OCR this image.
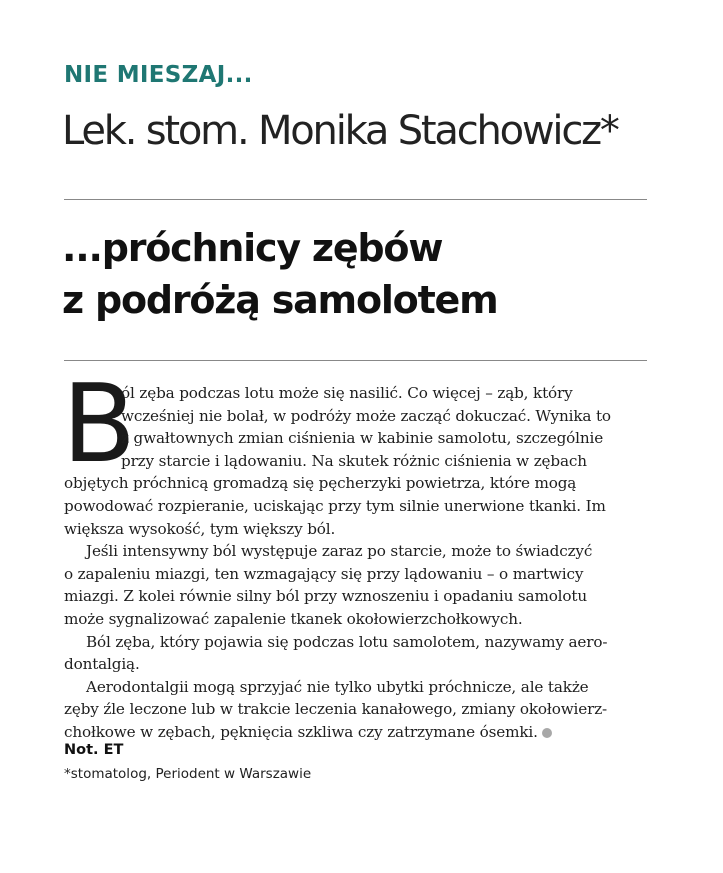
NIE MIESZAJ...
Lek. stom. Monika Stachowicz*
...próchnicy zębów
z podróżą samolotem
B
ól zęba podczas lotu może się nasilić. Co więcej – ząb, który
wcześniej nie bolał, w podróży może zacząć dokuczać. Wynika to
z gwałtownych zmian ciśnienia w kabinie samolotu, szczególnie
przy starcie i lądowaniu. Na skutek różnic ciśnienia w zębach
objętych próchnicą gromadzą się pęcherzyki powietrza, które mogą
powodować rozpieranie, uciskając przy tym silnie unerwione tkanki. Im
większa wysokość, tym większy ból.
Jeśli intensywny ból występuje zaraz po starcie, może to świadczyć
o zapaleniu miazgi, ten wzmagający się przy lądowaniu – o martwicy
miazgi. Z kolei równie silny ból przy wznoszeniu i opadaniu samolotu
może sygnalizować zapalenie tkanek okołowierzchołkowych.
Ból zęba, który pojawia się podczas lotu samolotem, nazywamy aero-
dontalgią.
Aerodontalgii mogą sprzyjać nie tylko ubytki próchnicze, ale także
zęby źle leczone lub w trakcie leczenia kanałowego, zmiany okołowierz-
chołkowe w zębach, pęknięcia szkliwa czy zatrzymane ósemki.
Not. ET
*stomatolog, Periodent w Warszawie
